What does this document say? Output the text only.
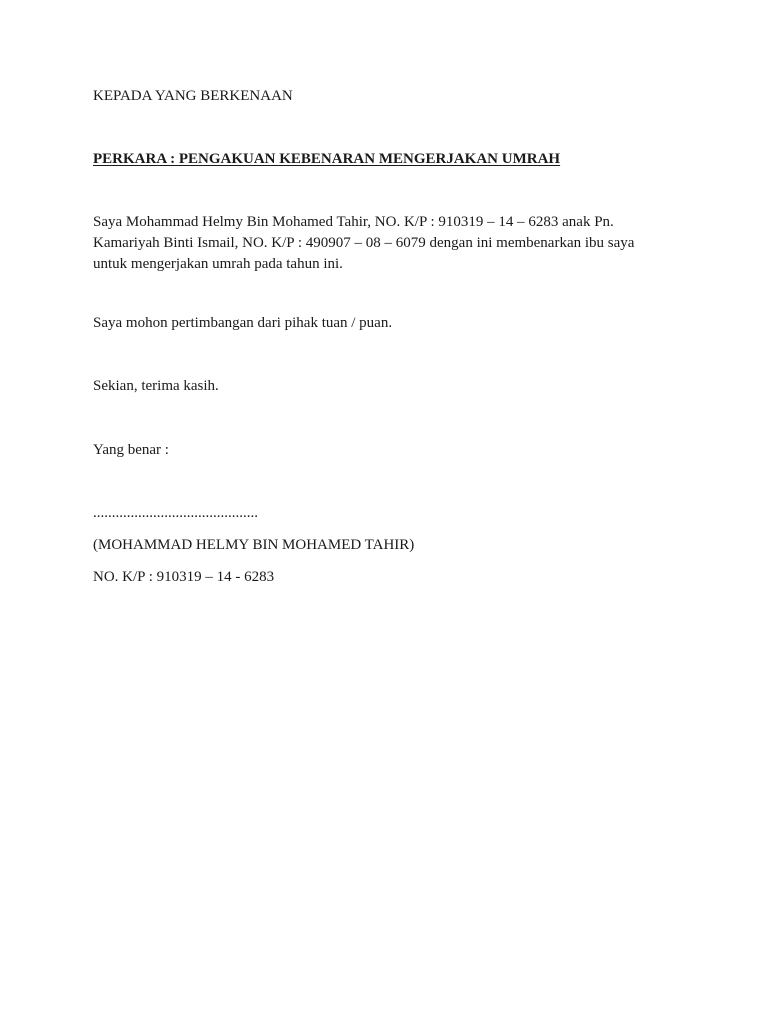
KEPADA YANG BERKENAAN
PERKARA : PENGAKUAN KEBENARAN MENGERJAKAN UMRAH
Saya Mohammad Helmy Bin Mohamed Tahir, NO. K/P : 910319 – 14 – 6283 anak Pn.
Kamariyah Binti Ismail, NO. K/P : 490907 – 08 – 6079 dengan ini membenarkan ibu saya
untuk mengerjakan umrah pada tahun ini.
Saya mohon pertimbangan dari pihak tuan / puan.
Sekian, terima kasih.
Yang benar :
............................................
(MOHAMMAD HELMY BIN MOHAMED TAHIR)
NO. K/P : 910319 – 14 - 6283
